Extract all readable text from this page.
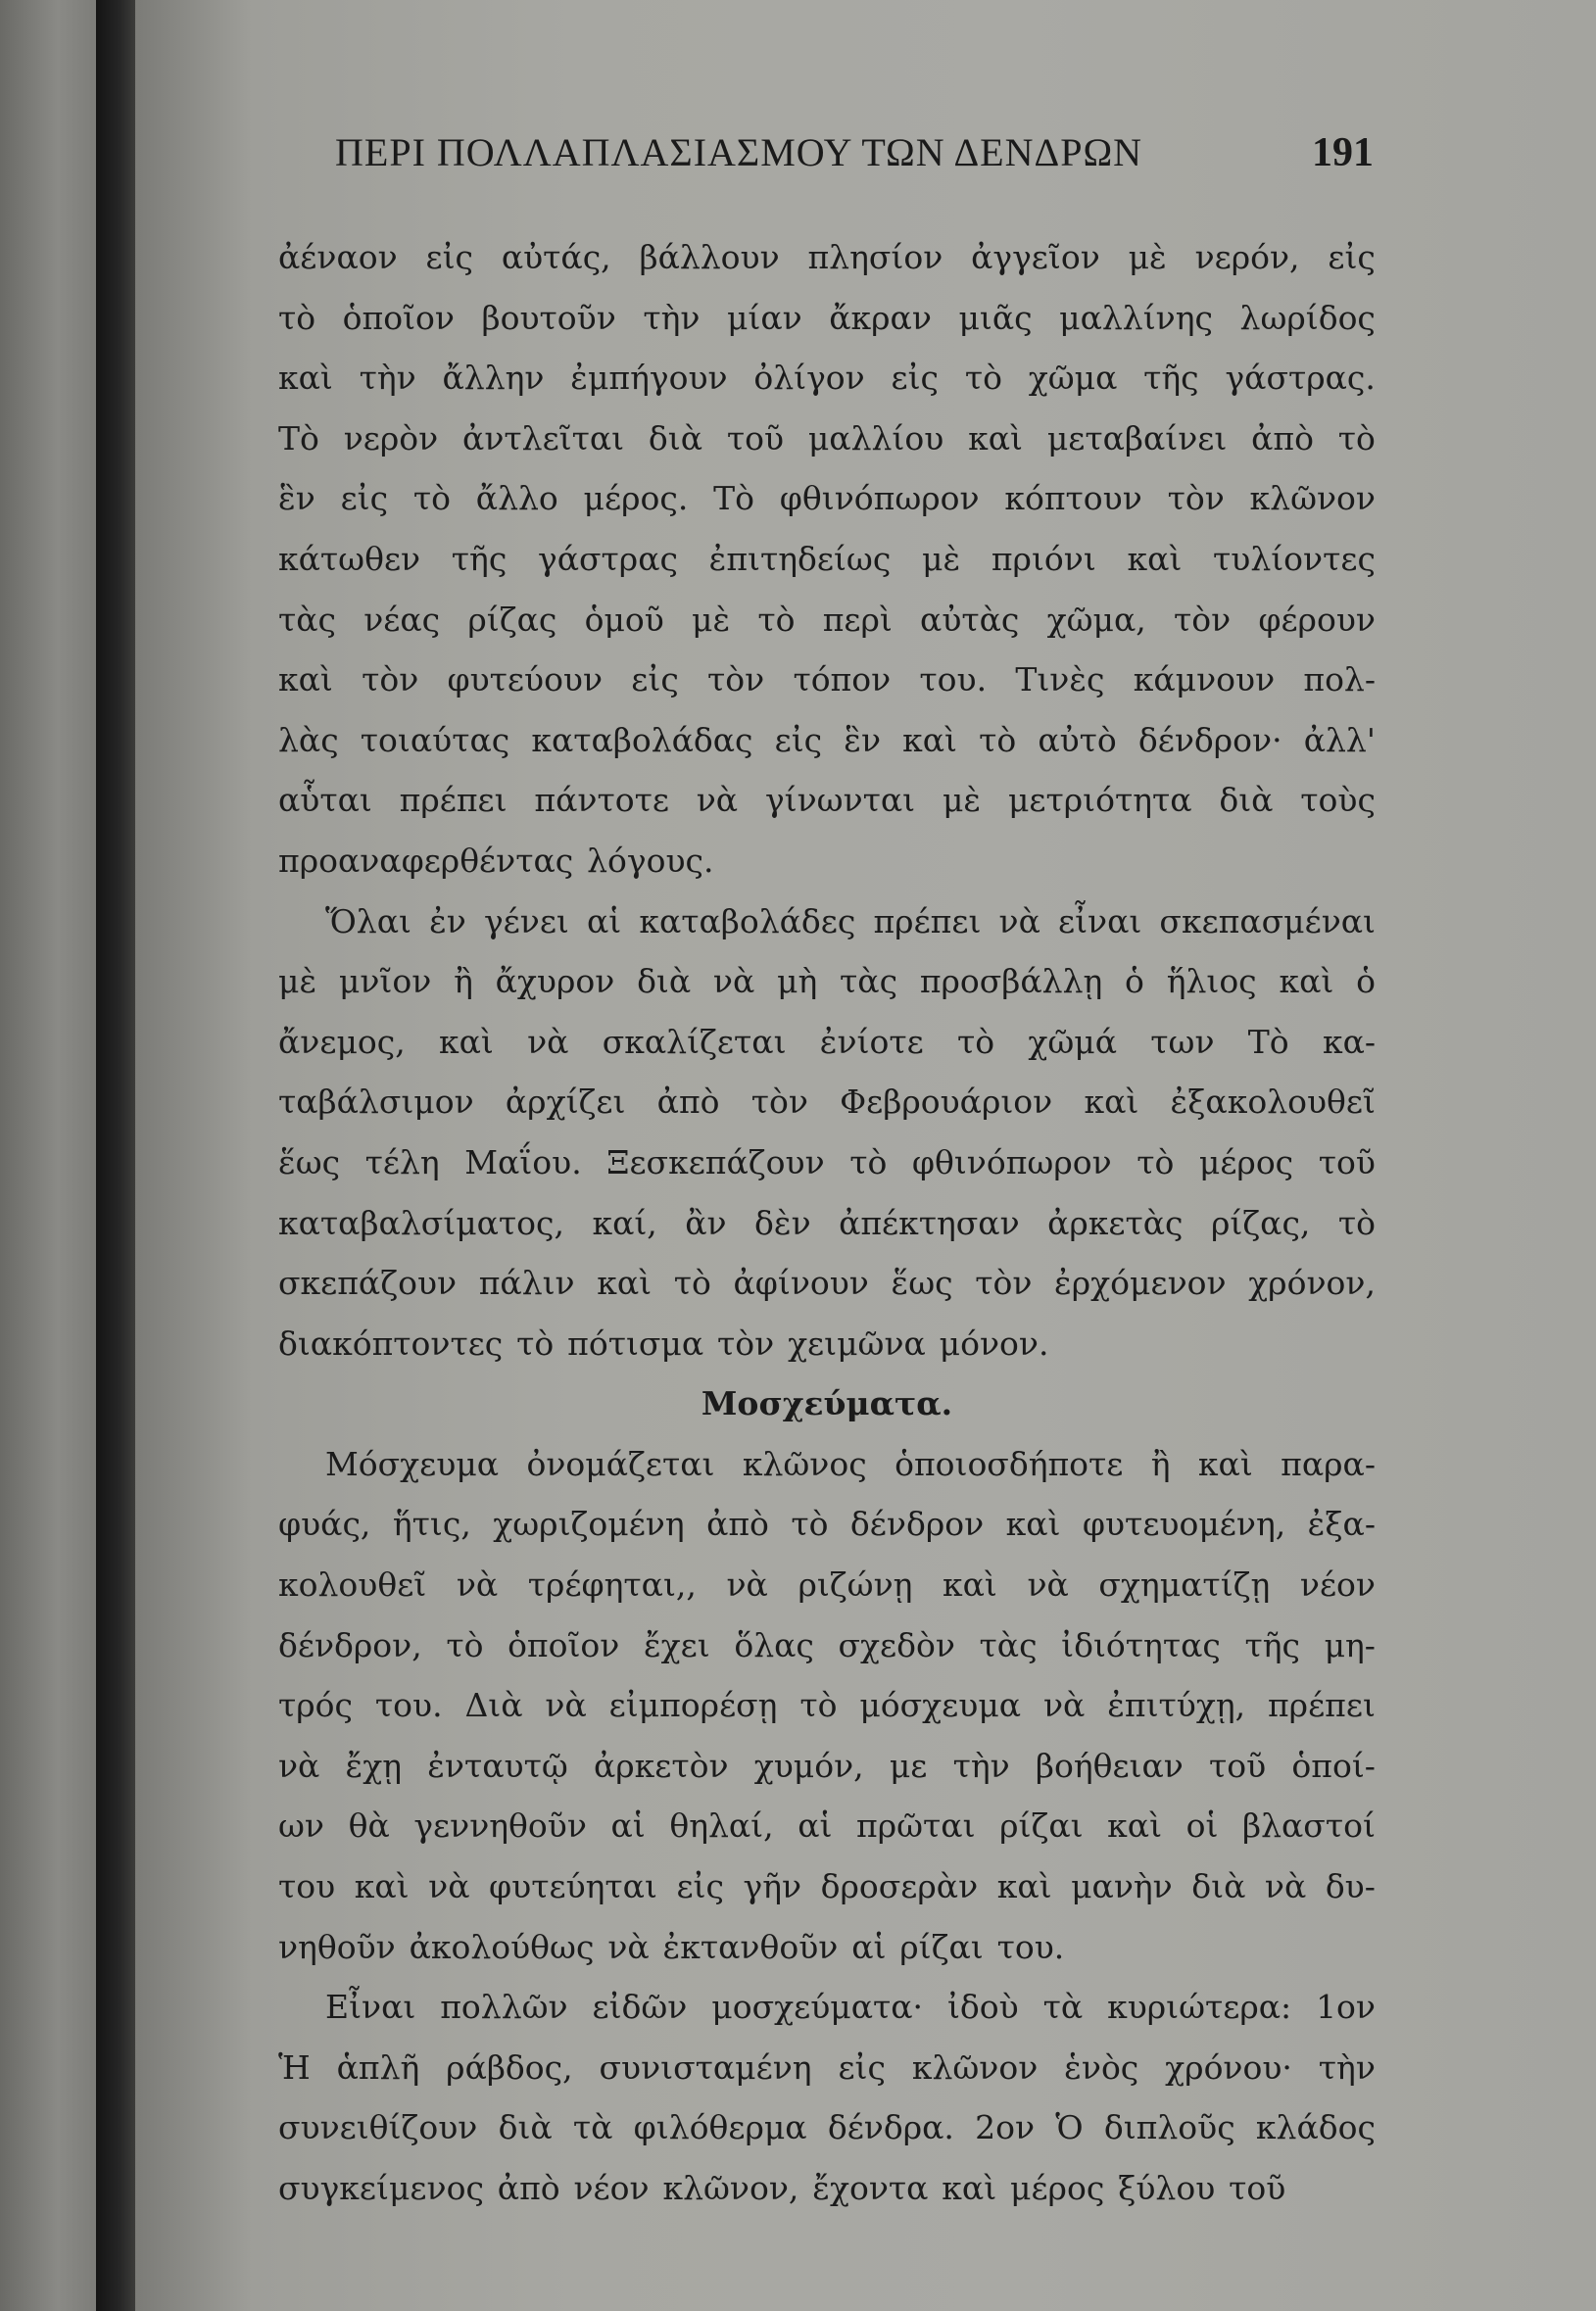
ΠΕΡΙ ΠΟΛΛΑΠΛΑΣΙΑΣΜΟΥ ΤΩΝ ΔΕΝΔΡΩΝ	191
ἀέναον εἰς αὐτάς, βάλλουν πλησίον ἀγγεῖον μὲ νερόν, εἰς
τὸ ὁποῖον βουτοῦν τὴν μίαν ἄκραν μιᾶς μαλλίνης λωρίδος
καὶ τὴν ἄλλην ἐμπήγουν ὀλίγον εἰς τὸ χῶμα τῆς γάστρας.
Τὸ νερὸν ἀντλεῖται διὰ τοῦ μαλλίου καὶ μεταβαίνει ἀπὸ τὸ
ἓν εἰς τὸ ἄλλο μέρος. Τὸ φθινόπωρον κόπτουν τὸν κλῶνον
κάτωθεν τῆς γάστρας ἐπιτηδείως μὲ πριόνι καὶ τυλίοντες
τὰς νέας ρίζας ὁμοῦ μὲ τὸ περὶ αὐτὰς χῶμα, τὸν φέρουν
καὶ τὸν φυτεύουν εἰς τὸν τόπον του. Τινὲς κάμνουν πολ-
λὰς τοιαύτας καταβολάδας εἰς ἓν καὶ τὸ αὐτὸ δένδρον· ἀλλ'
αὗται πρέπει πάντοτε νὰ γίνωνται μὲ μετριότητα διὰ τοὺς
προαναφερθέντας λόγους.
Ὅλαι ἐν γένει αἱ καταβολάδες πρέπει νὰ εἶναι σκεπασμέναι
μὲ μνῖον ἢ ἄχυρον διὰ νὰ μὴ τὰς προσβάλλῃ ὁ ἥλιος καὶ ὁ
ἄνεμος, καὶ νὰ σκαλίζεται ἐνίοτε τὸ χῶμά των Τὸ κα-
ταβάλσιμον ἀρχίζει ἀπὸ τὸν Φεβρουάριον καὶ ἐξακολουθεῖ
ἕως τέλη Μαΐου. Ξεσκεπάζουν τὸ φθινόπωρον τὸ μέρος τοῦ
καταβαλσίματος, καί, ἂν δὲν ἀπέκτησαν ἀρκετὰς ρίζας, τὸ
σκεπάζουν πάλιν καὶ τὸ ἀφίνουν ἕως τὸν ἐρχόμενον χρόνον,
διακόπτοντες τὸ πότισμα τὸν χειμῶνα μόνον.
Μοσχεύματα.
Μόσχευμα ὀνομάζεται κλῶνος ὁποιοσδήποτε ἢ καὶ παρα-
φυάς, ἥτις, χωριζομένη ἀπὸ τὸ δένδρον καὶ φυτευομένη, ἐξα-
κολουθεῖ νὰ τρέφηται,, νὰ ριζώνῃ καὶ νὰ σχηματίζῃ νέον
δένδρον, τὸ ὁποῖον ἔχει ὅλας σχεδὸν τὰς ἰδιότητας τῆς μη-
τρός του. Διὰ νὰ εἰμπορέσῃ τὸ μόσχευμα νὰ ἐπιτύχῃ, πρέπει
νὰ ἔχῃ ἐνταυτῷ ἀρκετὸν χυμόν, με τὴν βοήθειαν τοῦ ὁποί-
ων θὰ γεννηθοῦν αἱ θηλαί, αἱ πρῶται ρίζαι καὶ οἱ βλαστοί
του καὶ νὰ φυτεύηται εἰς γῆν δροσερὰν καὶ μανὴν διὰ νὰ δυ-
νηθοῦν ἀκολούθως νὰ ἐκτανθοῦν αἱ ρίζαι του.
Εἶναι πολλῶν εἰδῶν μοσχεύματα· ἰδοὺ τὰ κυριώτερα: 1ον
Ἡ ἁπλῆ ράβδος, συνισταμένη εἰς κλῶνον ἑνὸς χρόνου· τὴν
συνειθίζουν διὰ τὰ φιλόθερμα δένδρα. 2ον Ὁ διπλοῦς κλάδος
συγκείμενος ἀπὸ νέον κλῶνον, ἔχοντα καὶ μέρος ξύλου τοῦ
